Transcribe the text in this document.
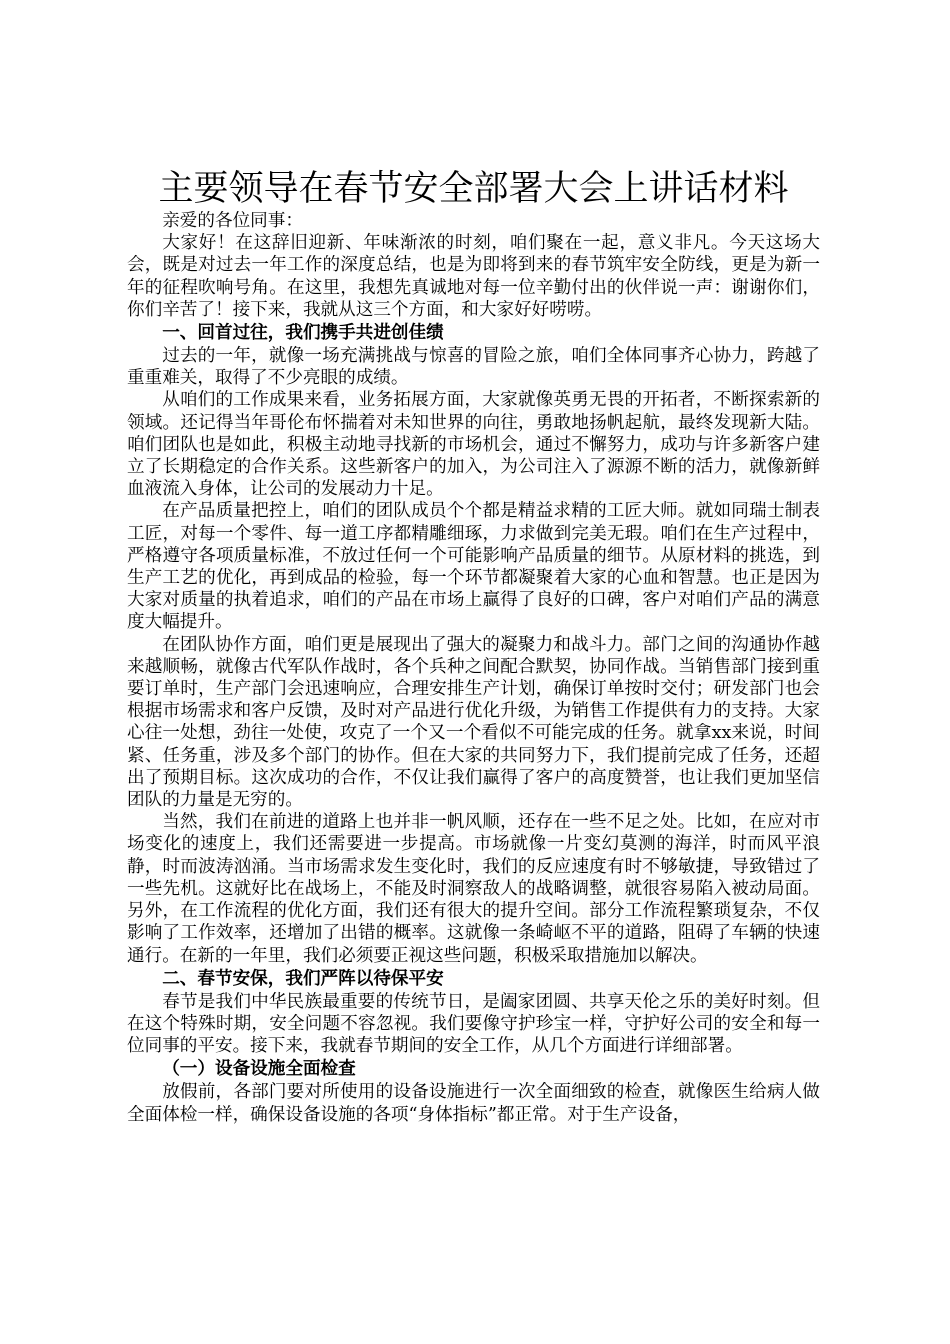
主要领导在春节安全部署大会上讲话材料

亲爱的各位同事：

大家好！在这辞旧迎新、年味渐浓的时刻，咱们聚在一起，意义非凡。今天这场大会，既是对过去一年工作的深度总结，也是为即将到来的春节筑牢安全防线，更是为新一年的征程吹响号角。在这里，我想先真诚地对每一位辛勤付出的伙伴说一声：谢谢你们，你们辛苦了！接下来，我就从这三个方面，和大家好好唠唠。

一、回首过往，我们携手共进创佳绩

过去的一年，就像一场充满挑战与惊喜的冒险之旅，咱们全体同事齐心协力，跨越了重重难关，取得了不少亮眼的成绩。

从咱们的工作成果来看，业务拓展方面，大家就像英勇无畏的开拓者，不断探索新的领域。还记得当年哥伦布怀揣着对未知世界的向往，勇敢地扬帆起航，最终发现新大陆。咱们团队也是如此，积极主动地寻找新的市场机会，通过不懈努力，成功与许多新客户建立了长期稳定的合作关系。这些新客户的加入，为公司注入了源源不断的活力，就像新鲜血液流入身体，让公司的发展动力十足。

在产品质量把控上，咱们的团队成员个个都是精益求精的工匠大师。就如同瑞士制表工匠，对每一个零件、每一道工序都精雕细琢，力求做到完美无瑕。咱们在生产过程中，严格遵守各项质量标准，不放过任何一个可能影响产品质量的细节。从原材料的挑选，到生产工艺的优化，再到成品的检验，每一个环节都凝聚着大家的心血和智慧。也正是因为大家对质量的执着追求，咱们的产品在市场上赢得了良好的口碑，客户对咱们产品的满意度大幅提升。

在团队协作方面，咱们更是展现出了强大的凝聚力和战斗力。部门之间的沟通协作越来越顺畅，就像古代军队作战时，各个兵种之间配合默契，协同作战。当销售部门接到重要订单时，生产部门会迅速响应，合理安排生产计划，确保订单按时交付；研发部门也会根据市场需求和客户反馈，及时对产品进行优化升级，为销售工作提供有力的支持。大家心往一处想，劲往一处使，攻克了一个又一个看似不可能完成的任务。就拿xx来说，时间紧、任务重，涉及多个部门的协作。但在大家的共同努力下，我们提前完成了任务，还超出了预期目标。这次成功的合作，不仅让我们赢得了客户的高度赞誉，也让我们更加坚信团队的力量是无穷的。

当然，我们在前进的道路上也并非一帆风顺，还存在一些不足之处。比如，在应对市场变化的速度上，我们还需要进一步提高。市场就像一片变幻莫测的海洋，时而风平浪静，时而波涛汹涌。当市场需求发生变化时，我们的反应速度有时不够敏捷，导致错过了一些先机。这就好比在战场上，不能及时洞察敌人的战略调整，就很容易陷入被动局面。另外，在工作流程的优化方面，我们还有很大的提升空间。部分工作流程繁琐复杂，不仅影响了工作效率，还增加了出错的概率。这就像一条崎岖不平的道路，阻碍了车辆的快速通行。在新的一年里，我们必须要正视这些问题，积极采取措施加以解决。

二、春节安保，我们严阵以待保平安

春节是我们中华民族最重要的传统节日，是阖家团圆、共享天伦之乐的美好时刻。但在这个特殊时期，安全问题不容忽视。我们要像守护珍宝一样，守护好公司的安全和每一位同事的平安。接下来，我就春节期间的安全工作，从几个方面进行详细部署。

（一）设备设施全面检查

放假前，各部门要对所使用的设备设施进行一次全面细致的检查，就像医生给病人做全面体检一样，确保设备设施的各项“身体指标”都正常。对于生产设备，
